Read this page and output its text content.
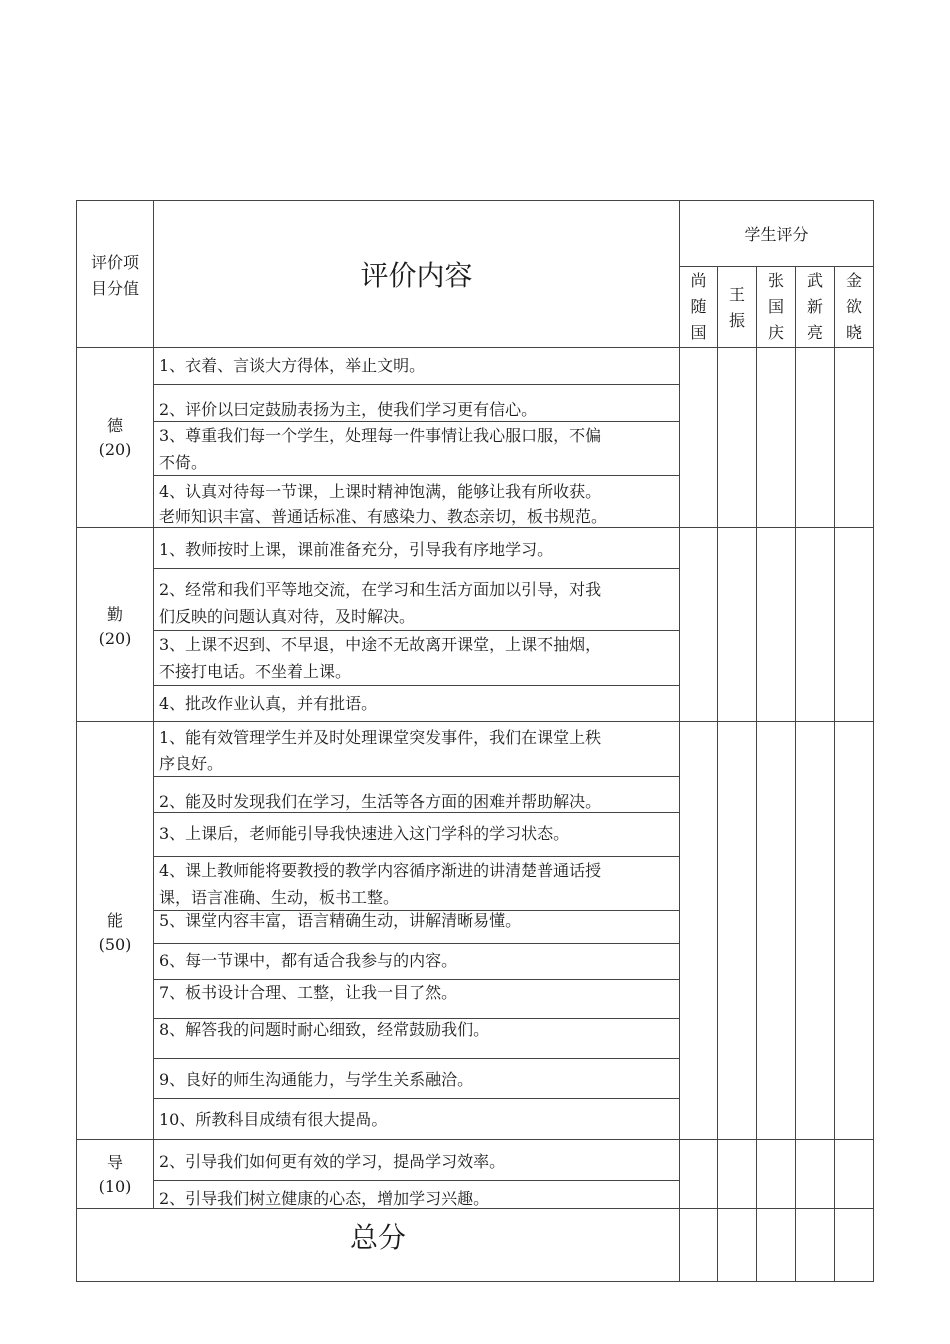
评价项
目分值	评价内容
学生评分
尚
随
国
王
振
张
国
庆
武
新
亮
金
欲
晓
德
(20)
勤
(20)
能
(50)
导
(10)
1、衣着、言谈大方得体，举止文明。
2、评价以曰定鼓励表扬为主，使我们学习更有信心。
3、尊重我们每一个学生，处理每一件事情让我心服口服，不偏
不倚。
4、认真对待每一节课，上课时精神饱满，能够让我有所收获。
老师知识丰富、普通话标准、有感染力、教态亲切，板书规范。
1、教师按时上课，课前准备充分，引导我有序地学习。
2、经常和我们平等地交流，在学习和生活方面加以引导，对我
们反映的问题认真对待，及时解决。
3、上课不迟到、不早退，中途不无故离开课堂，上课不抽烟，
不接打电话。不坐着上课。
4、批改作业认真，并有批语。
1、能有效管理学生并及时处理课堂突发事件，我们在课堂上秩
序良好。
2、能及时发现我们在学习，生活等各方面的困难并帮助解决。
3、上课后，老师能引导我快速进入这门学科的学习状态。
4、课上教师能将要教授的教学内容循序渐进的讲清楚普通话授
课，语言准确、生动，板书工整。
5、课堂内容丰富，语言精确生动，讲解清晰易懂。
6、每一节课中，都有适合我参与的内容。
7、板书设计合理、工整，让我一目了然。
8、解答我的问题时耐心细致，经常鼓励我们。
9、良好的师生沟通能力，与学生关系融洽。
10、所教科目成绩有很大提咼。
2、引导我们如何更有效的学习，提咼学习效率。
2、引导我们树立健康的心态，增加学习兴趣。
总分
